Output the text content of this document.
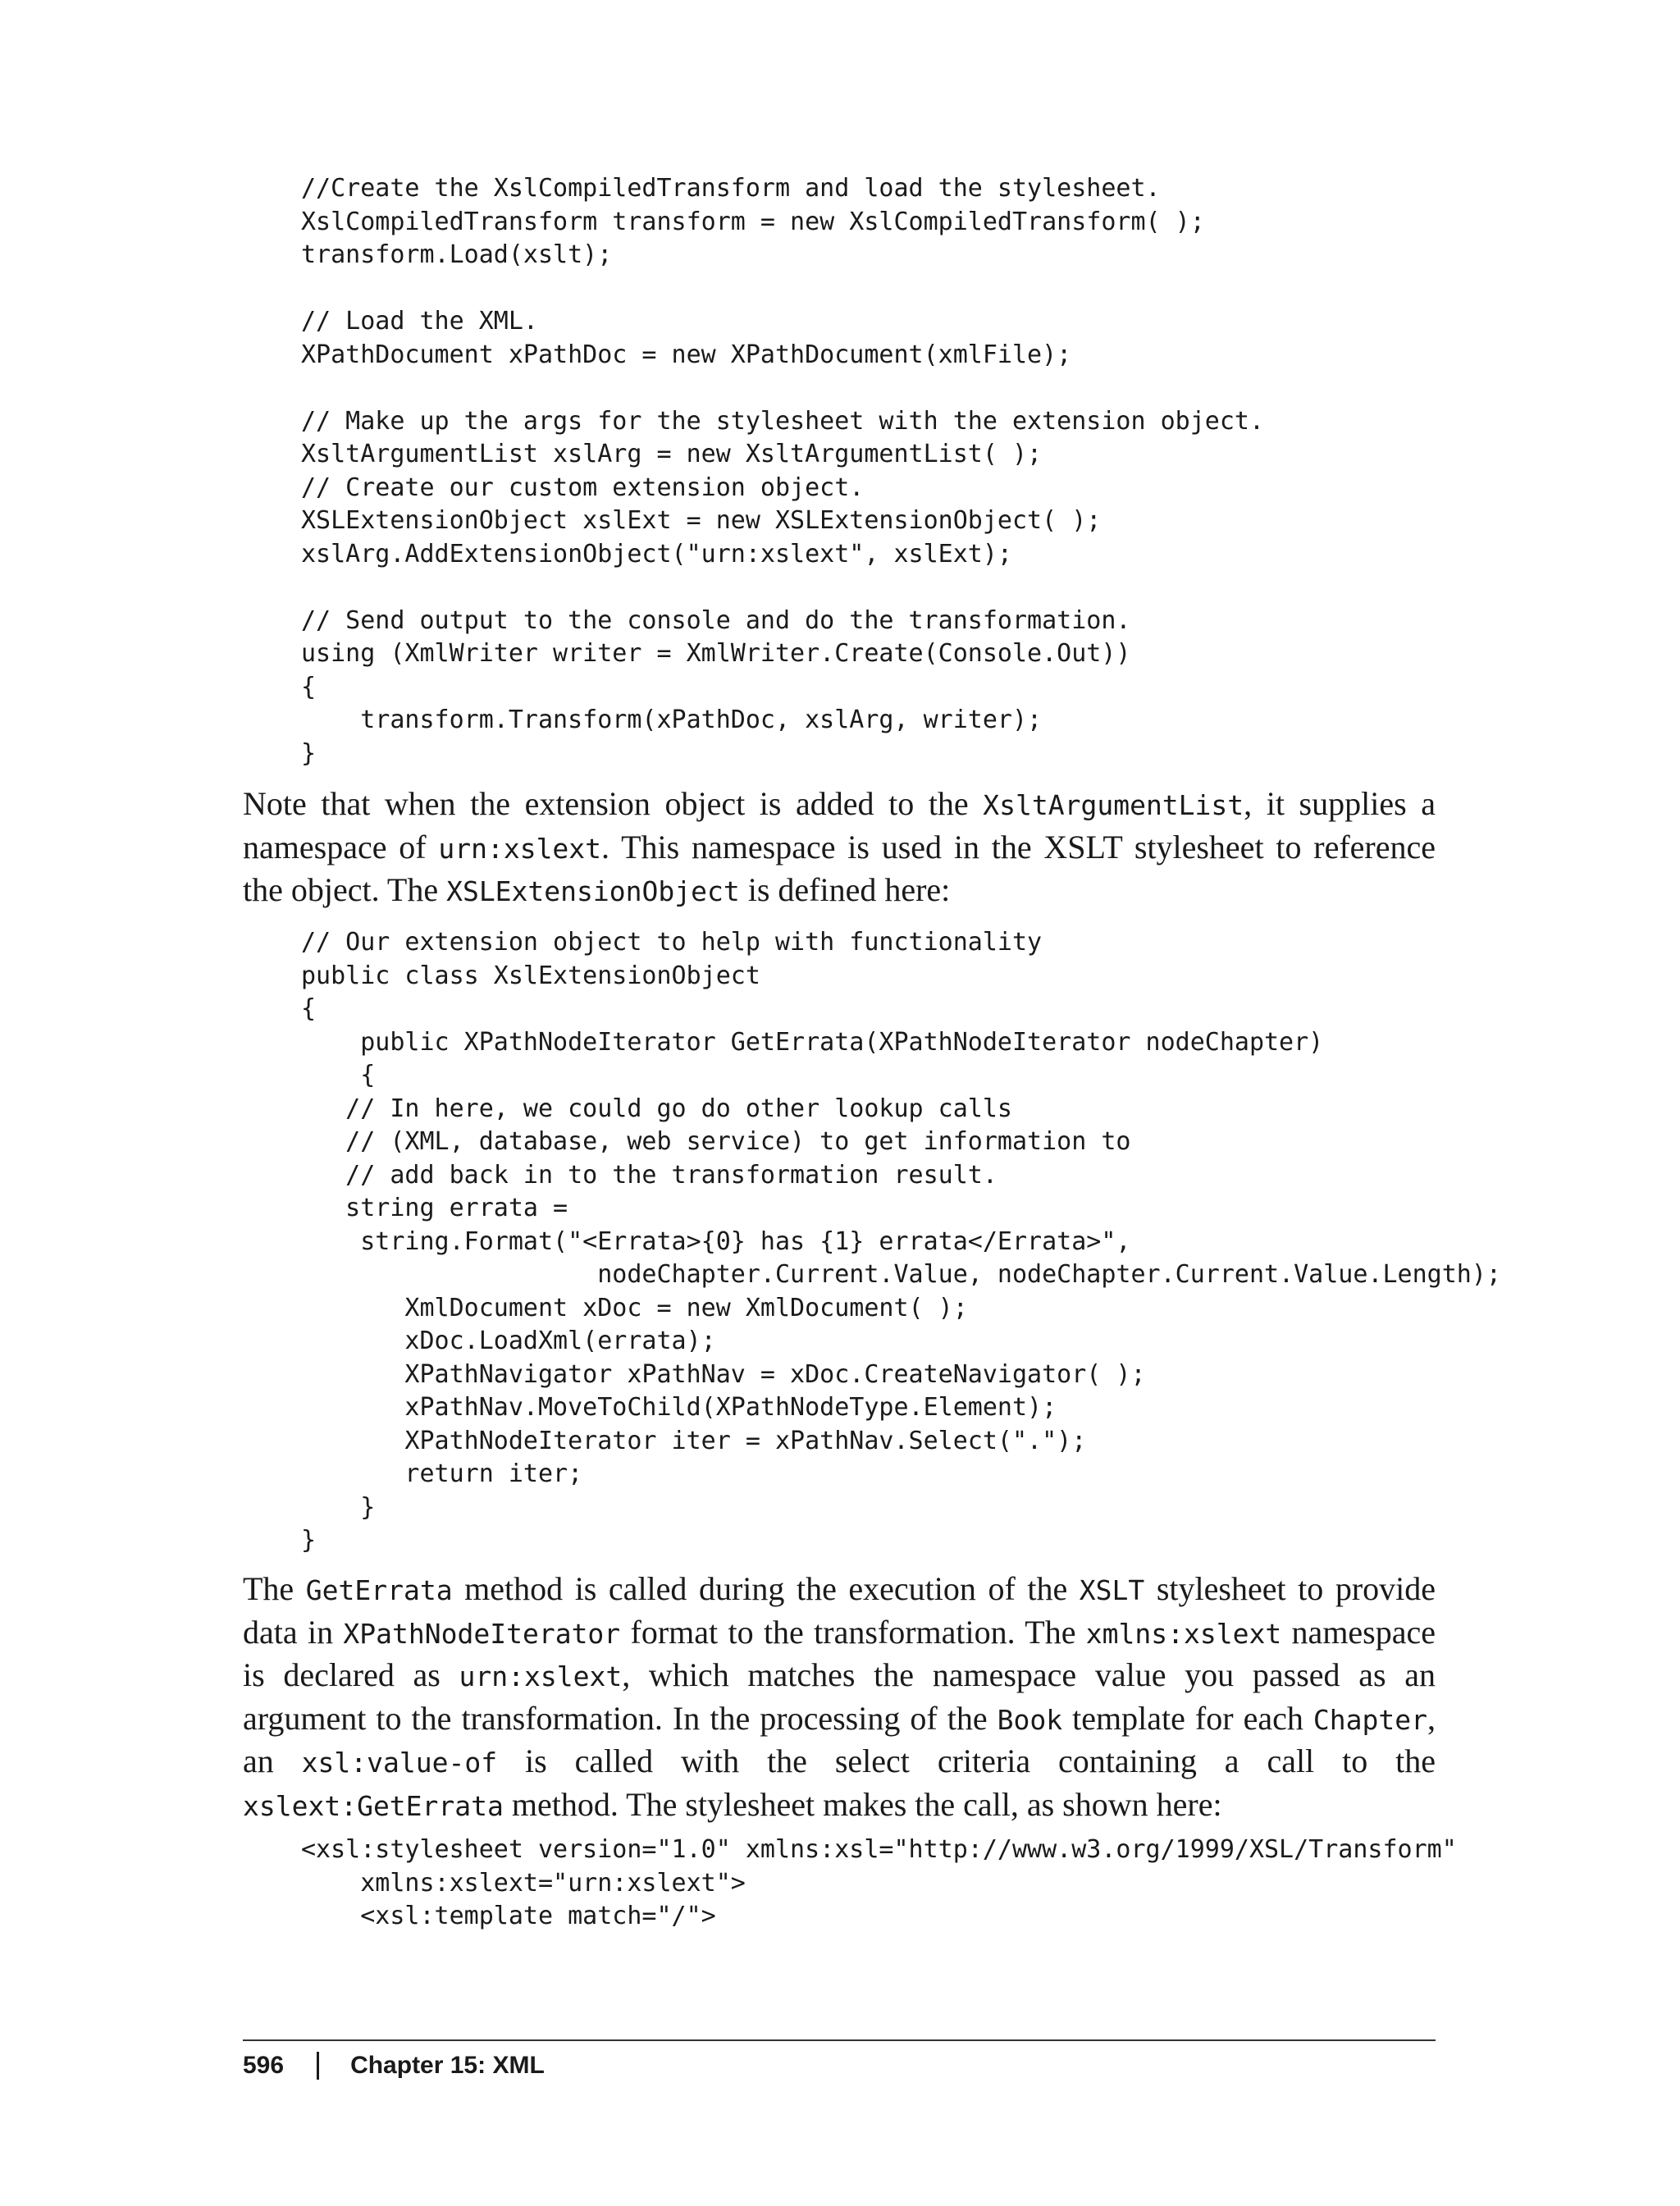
//Create the XslCompiledTransform and load the stylesheet.
XslCompiledTransform transform = new XslCompiledTransform( );
transform.Load(xslt);
// Load the XML.
XPathDocument xPathDoc = new XPathDocument(xmlFile);
// Make up the args for the stylesheet with the extension object.
XsltArgumentList xslArg = new XsltArgumentList( );
// Create our custom extension object.
XSLExtensionObject xslExt = new XSLExtensionObject( );
xslArg.AddExtensionObject("urn:xslext", xslExt);
// Send output to the console and do the transformation.
using (XmlWriter writer = XmlWriter.Create(Console.Out))
{
transform.Transform(xPathDoc, xslArg, writer);
}

Note that when the extension object is added to the XsltArgumentList, it supplies a namespace of urn:xslext. This namespace is used in the XSLT stylesheet to reference the object. The XSLExtensionObject is defined here:

// Our extension object to help with functionality
public class XslExtensionObject
{
public XPathNodeIterator GetErrata(XPathNodeIterator nodeChapter)
{
// In here, we could go do other lookup calls
// (XML, database, web service) to get information to
// add back in to the transformation result.
string errata =
string.Format("<Errata>{0} has {1} errata</Errata>",
nodeChapter.Current.Value, nodeChapter.Current.Value.Length);
XmlDocument xDoc = new XmlDocument( );
xDoc.LoadXml(errata);
XPathNavigator xPathNav = xDoc.CreateNavigator( );
xPathNav.MoveToChild(XPathNodeType.Element);
XPathNodeIterator iter = xPathNav.Select(".");
return iter;
}
}

The GetErrata method is called during the execution of the XSLT stylesheet to provide data in XPathNodeIterator format to the transformation. The xmlns:xslext namespace is declared as urn:xslext, which matches the namespace value you passed as an argument to the transformation. In the processing of the Book template for each Chapter, an xsl:value-of is called with the select criteria containing a call to the xslext:GetErrata method. The stylesheet makes the call, as shown here:

<xsl:stylesheet version="1.0" xmlns:xsl="http://www.w3.org/1999/XSL/Transform"
xmlns:xslext="urn:xslext">
<xsl:template match="/">
596	Chapter 15: XML
